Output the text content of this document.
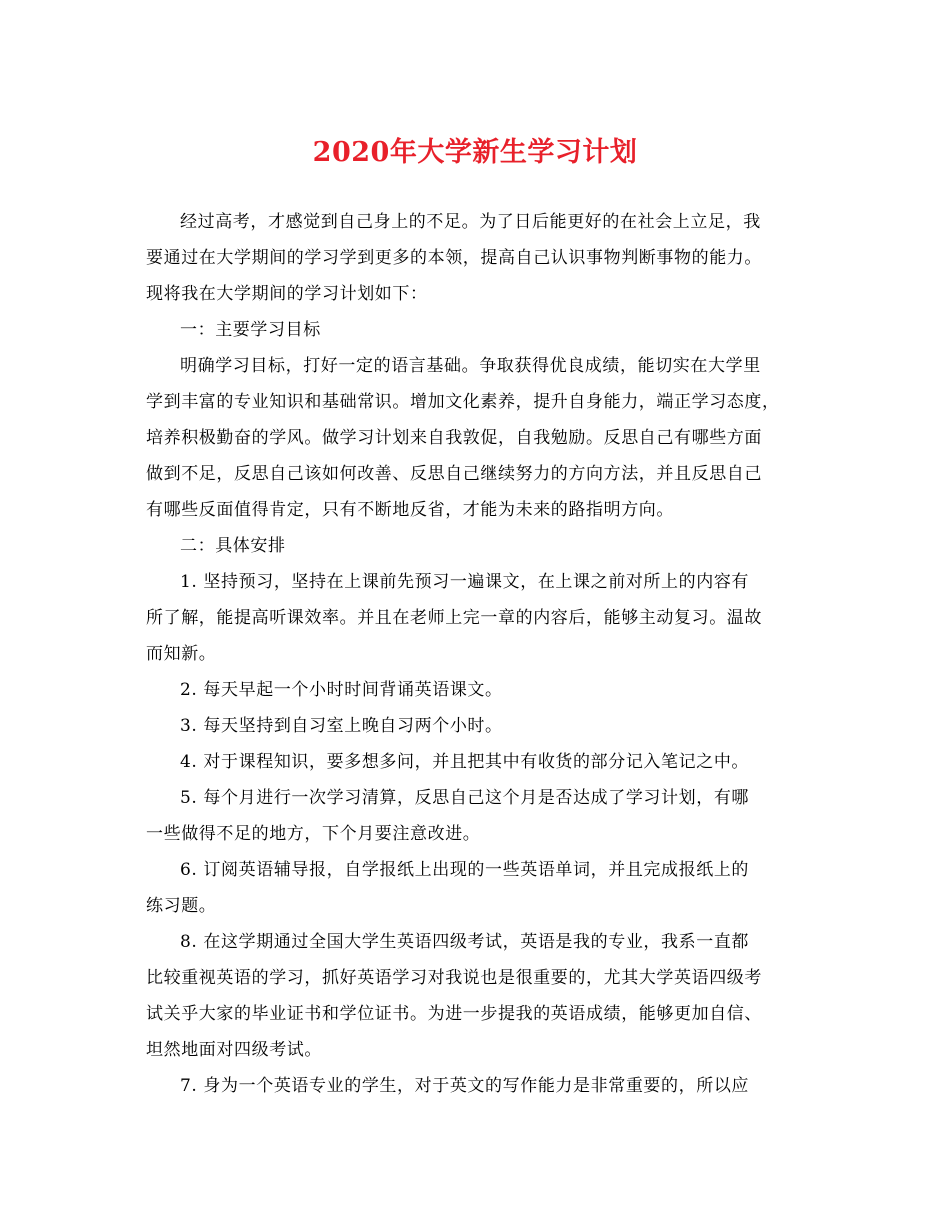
2020年大学新生学习计划
经过高考，才感觉到自己身上的不足。为了日后能更好的在社会上立足，我
要通过在大学期间的学习学到更多的本领，提高自己认识事物判断事物的能力。
现将我在大学期间的学习计划如下：
一：主要学习目标
明确学习目标，打好一定的语言基础。争取获得优良成绩，能切实在大学里
学到丰富的专业知识和基础常识。增加文化素养，提升自身能力，端正学习态度，
培养积极勤奋的学风。做学习计划来自我敦促，自我勉励。反思自己有哪些方面
做到不足，反思自己该如何改善、反思自己继续努力的方向方法，并且反思自己
有哪些反面值得肯定，只有不断地反省，才能为未来的路指明方向。
二：具体安排
1. 坚持预习，坚持在上课前先预习一遍课文，在上课之前对所上的内容有
所了解，能提高听课效率。并且在老师上完一章的内容后，能够主动复习。温故
而知新。
2. 每天早起一个小时时间背诵英语课文。
3. 每天坚持到自习室上晚自习两个小时。
4. 对于课程知识，要多想多问，并且把其中有收货的部分记入笔记之中。
5. 每个月进行一次学习清算，反思自己这个月是否达成了学习计划，有哪
一些做得不足的地方，下个月要注意改进。
6. 订阅英语辅导报，自学报纸上出现的一些英语单词，并且完成报纸上的
练习题。
8. 在这学期通过全国大学生英语四级考试，英语是我的专业，我系一直都
比较重视英语的学习，抓好英语学习对我说也是很重要的，尤其大学英语四级考
试关乎大家的毕业证书和学位证书。为进一步提我的英语成绩，能够更加自信、
坦然地面对四级考试。
7. 身为一个英语专业的学生，对于英文的写作能力是非常重要的，所以应
